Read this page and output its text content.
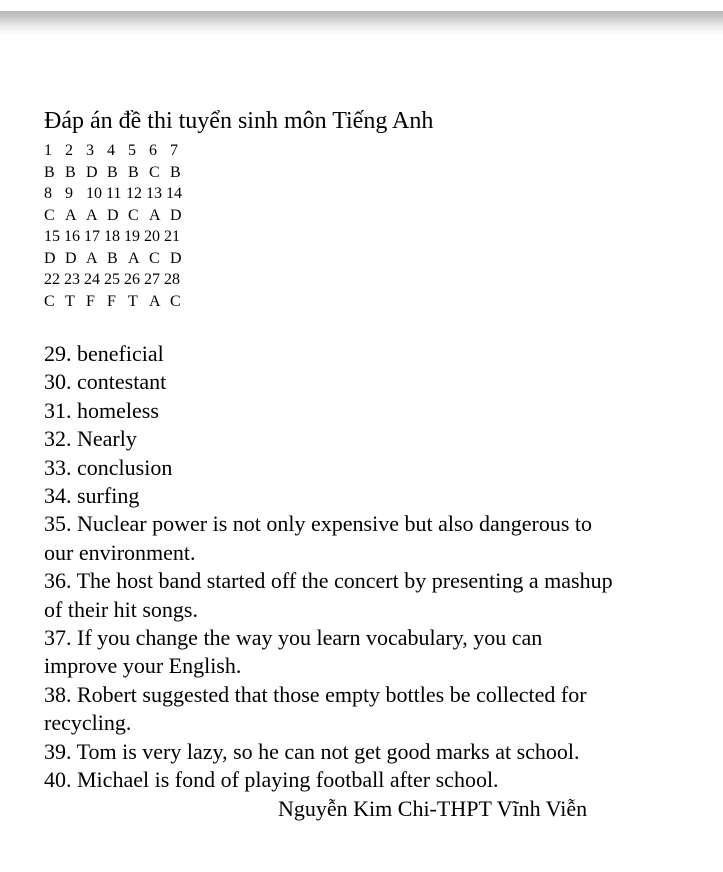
Đáp án đề thi tuyển sinh môn Tiếng Anh
1 2 3 4 5 6 7
B B D B B C B
8 9 10 11 12 13 14
C A A D C A D
15 16 17 18 19 20 21
D D A B A C D
22 23 24 25 26 27 28
C T F F T A C
29. beneficial
30. contestant
31. homeless
32. Nearly
33. conclusion
34. surfing
35. Nuclear power is not only expensive but also dangerous to
our environment.
36. The host band started off the concert by presenting a mashup
of their hit songs.
37. If you change the way you learn vocabulary, you can
improve your English.
38. Robert suggested that those empty bottles be collected for
recycling.
39. Tom is very lazy, so he can not get good marks at school.
40. Michael is fond of playing football after school.
Nguyễn Kim Chi-THPT Vĩnh Viễn
